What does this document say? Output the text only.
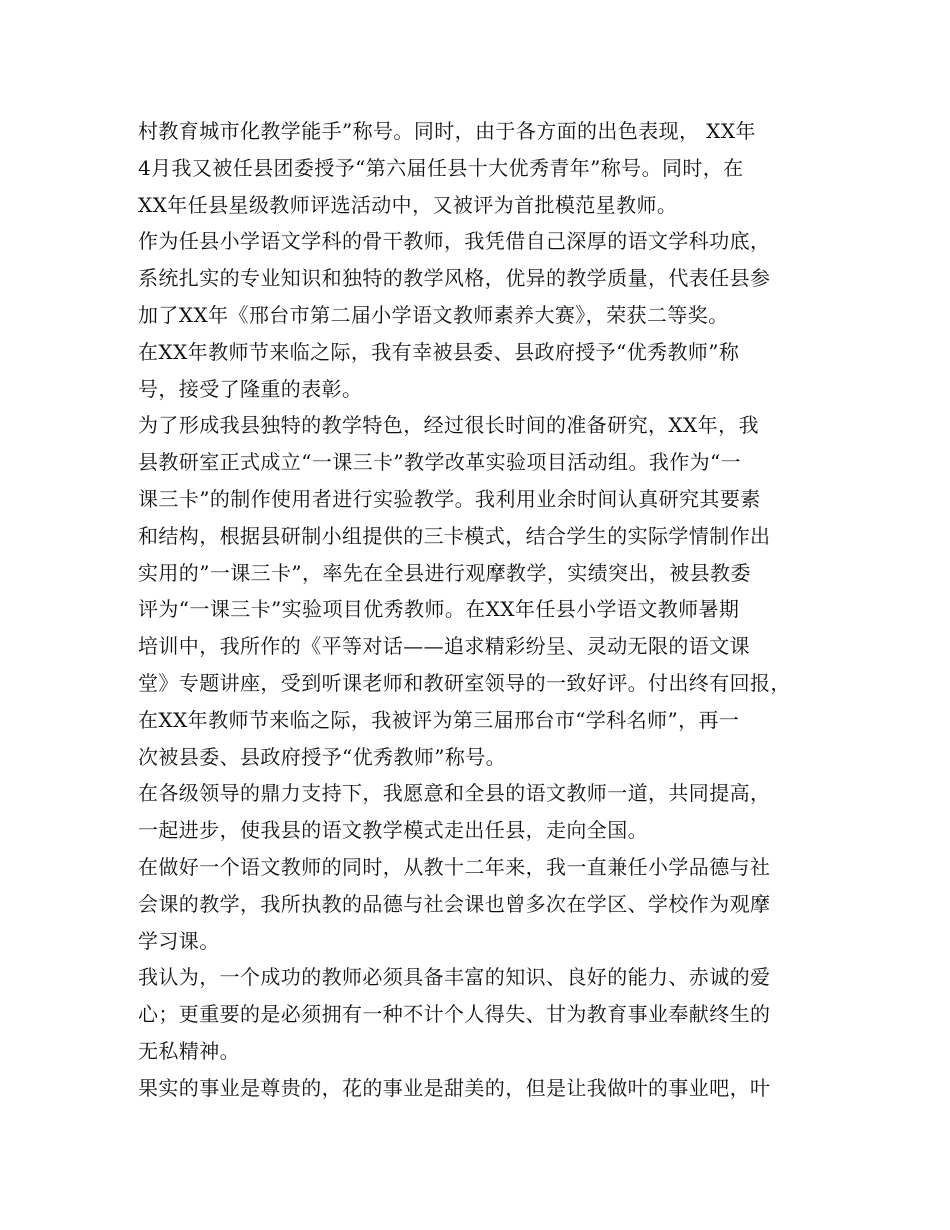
村教育城市化教学能手”称号。同时，由于各方面的出色表现， XX年
4月我又被任县团委授予“第六届任县十大优秀青年”称号。同时，在
XX年任县星级教师评选活动中，又被评为首批模范星教师。
作为任县小学语文学科的骨干教师，我凭借自己深厚的语文学科功底，
系统扎实的专业知识和独特的教学风格，优异的教学质量，代表任县参
加了XX年《邢台市第二届小学语文教师素养大赛》，荣获二等奖。
在XX年教师节来临之际，我有幸被县委、县政府授予“优秀教师”称
号，接受了隆重的表彰。
为了形成我县独特的教学特色，经过很长时间的准备研究，XX年，我
县教研室正式成立“一课三卡”教学改革实验项目活动组。我作为“一
课三卡”的制作使用者进行实验教学。我利用业余时间认真研究其要素
和结构，根据县研制小组提供的三卡模式，结合学生的实际学情制作出
实用的”一课三卡”，率先在全县进行观摩教学，实绩突出，被县教委
评为“一课三卡”实验项目优秀教师。在XX年任县小学语文教师暑期
培训中，我所作的《平等对话——追求精彩纷呈、灵动无限的语文课
堂》专题讲座，受到听课老师和教研室领导的一致好评。付出终有回报，
在XX年教师节来临之际，我被评为第三届邢台市“学科名师”，再一
次被县委、县政府授予“优秀教师”称号。
在各级领导的鼎力支持下，我愿意和全县的语文教师一道，共同提高，
一起进步，使我县的语文教学模式走出任县，走向全国。
在做好一个语文教师的同时，从教十二年来，我一直兼任小学品德与社
会课的教学，我所执教的品德与社会课也曾多次在学区、学校作为观摩
学习课。
我认为，一个成功的教师必须具备丰富的知识、良好的能力、赤诚的爱
心；更重要的是必须拥有一种不计个人得失、甘为教育事业奉献终生的
无私精神。
果实的事业是尊贵的，花的事业是甜美的，但是让我做叶的事业吧，叶
